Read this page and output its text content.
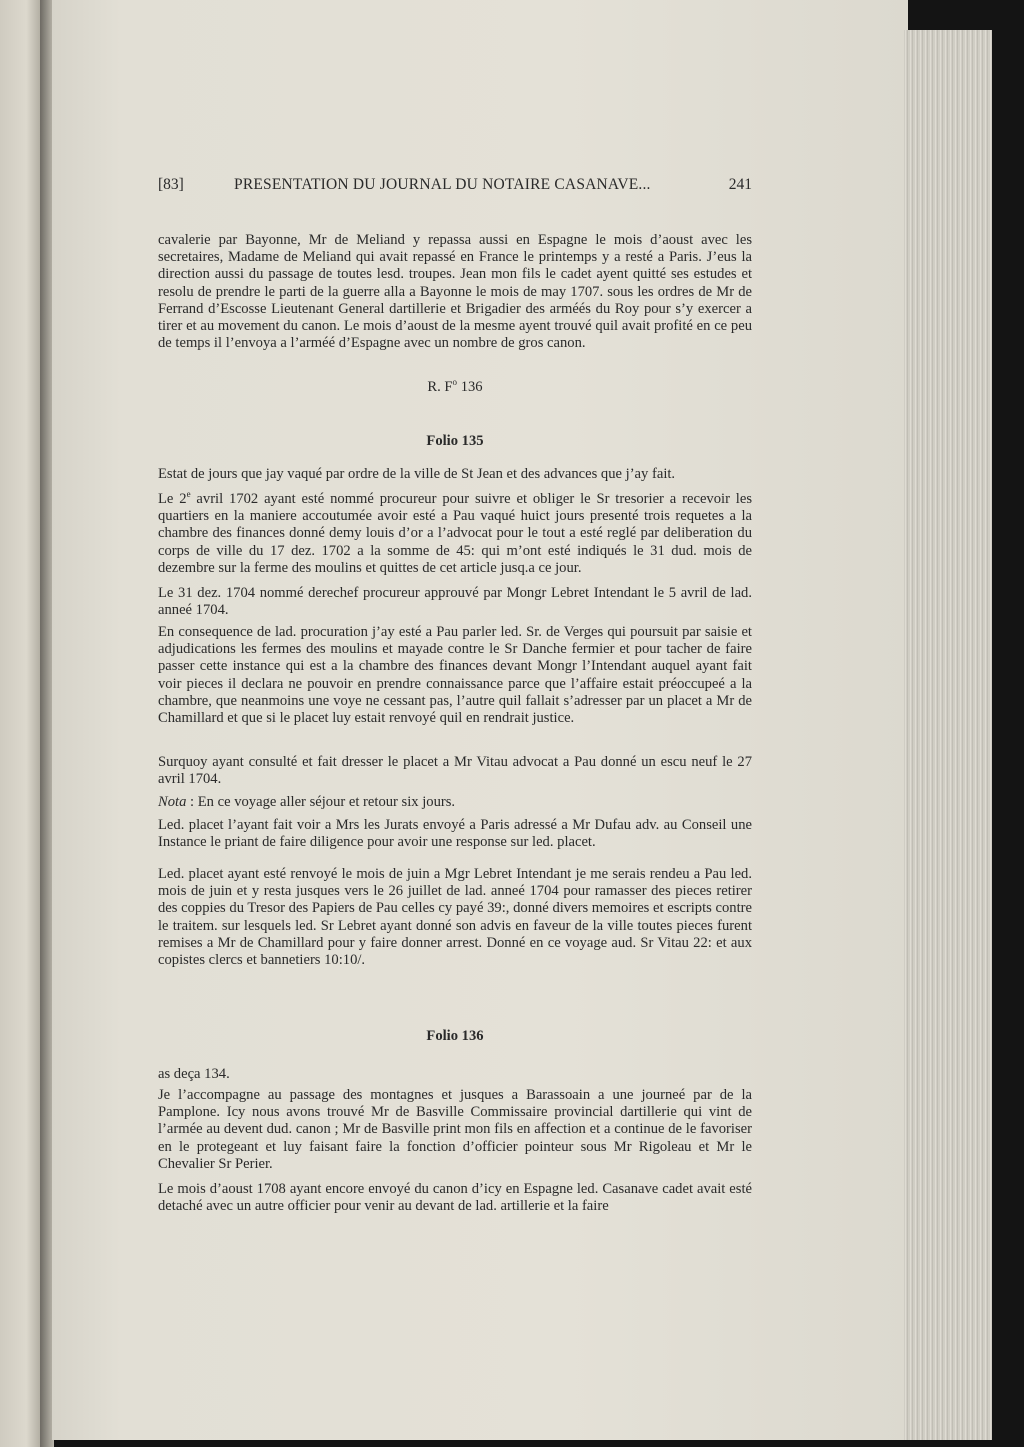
[83]	PRESENTATION DU JOURNAL DU NOTAIRE CASANAVE...	241
cavalerie par Bayonne, Mr de Meliand y repassa aussi en Espagne le mois d’aoust avec les secretaires, Madame de Meliand qui avait repassé en France le printemps y a resté a Paris. J’eus la direction aussi du passage de toutes lesd. troupes. Jean mon fils le cadet ayent quitté ses estudes et resolu de prendre le parti de la guerre alla a Bayonne le mois de may 1707. sous les ordres de Mr de Ferrand d’Escosse Lieutenant General dartillerie et Brigadier des arméés du Roy pour s’y exercer a tirer et au movement du canon. Le mois d’aoust de la mesme ayent trouvé quil avait profité en ce peu de temps il l’envoya a l’arméé d’Espagne avec un nombre de gros canon.
R. $F^o$ 136
Folio 135
Estat de jours que jay vaqué par ordre de la ville de St Jean et des advances que j’ay fait.
Le 2e avril 1702 ayant esté nommé procureur pour suivre et obliger le Sr tresorier a recevoir les quartiers en la maniere accoutumée avoir esté a Pau vaqué huict jours presenté trois requetes a la chambre des finances donné demy louis d’or a l’advocat pour le tout a esté reglé par deliberation du corps de ville du 17 dez. 1702 a la somme de 45: qui m’ont esté indiqués le 31 dud. mois de dezembre sur la ferme des moulins et quittes de cet article jusq.a ce jour.
Le 31 dez. 1704 nommé derechef procureur approuvé par Mongr Lebret Intendant le 5 avril de lad. anneé 1704.
En consequence de lad. procuration j’ay esté a Pau parler led. Sr. de Verges qui poursuit par saisie et adjudications les fermes des moulins et mayade contre le Sr Danche fermier et pour tacher de faire passer cette instance qui est a la chambre des finances devant Mongr l’Intendant auquel ayant fait voir pieces il declara ne pouvoir en prendre connaissance parce que l’affaire estait préoccupeé a la chambre, que neanmoins une voye ne cessant pas, l’autre quil fallait s’adresser par un placet a Mr de Chamillard et que si le placet luy estait renvoyé quil en rendrait justice.
Surquoy ayant consulté et fait dresser le placet a Mr Vitau advocat a Pau donné un escu neuf le 27 avril 1704.
Nota : En ce voyage aller séjour et retour six jours.
Led. placet l’ayant fait voir a Mrs les Jurats envoyé a Paris adressé a Mr Dufau adv. au Conseil une Instance le priant de faire diligence pour avoir une response sur led. placet.
Led. placet ayant esté renvoyé le mois de juin a Mgr Lebret Intendant je me serais rendeu a Pau led. mois de juin et y resta jusques vers le 26 juillet de lad. anneé 1704 pour ramasser des pieces retirer des coppies du Tresor des Papiers de Pau celles cy payé 39:, donné divers memoires et escripts contre le traitem. sur lesquels led. Sr Lebret ayant donné son advis en faveur de la ville toutes pieces furent remises a Mr de Chamillard pour y faire donner arrest. Donné en ce voyage aud. Sr Vitau 22: et aux copistes clercs et bannetiers 10:10/.
Folio 136
as deça 134.
Je l’accompagne au passage des montagnes et jusques a Barassoain a une journeé par de la Pamplone. Icy nous avons trouvé Mr de Basville Commissaire provincial dartillerie qui vint de l’armée au devent dud. canon ; Mr de Basville print mon fils en affection et a continue de le favoriser en le protegeant et luy faisant faire la fonction d’officier pointeur sous Mr Rigoleau et Mr le Chevalier Sr Perier.
Le mois d’aoust 1708 ayant encore envoyé du canon d’icy en Espagne led. Casanave cadet avait esté detaché avec un autre officier pour venir au devant de lad. artillerie et la faire
